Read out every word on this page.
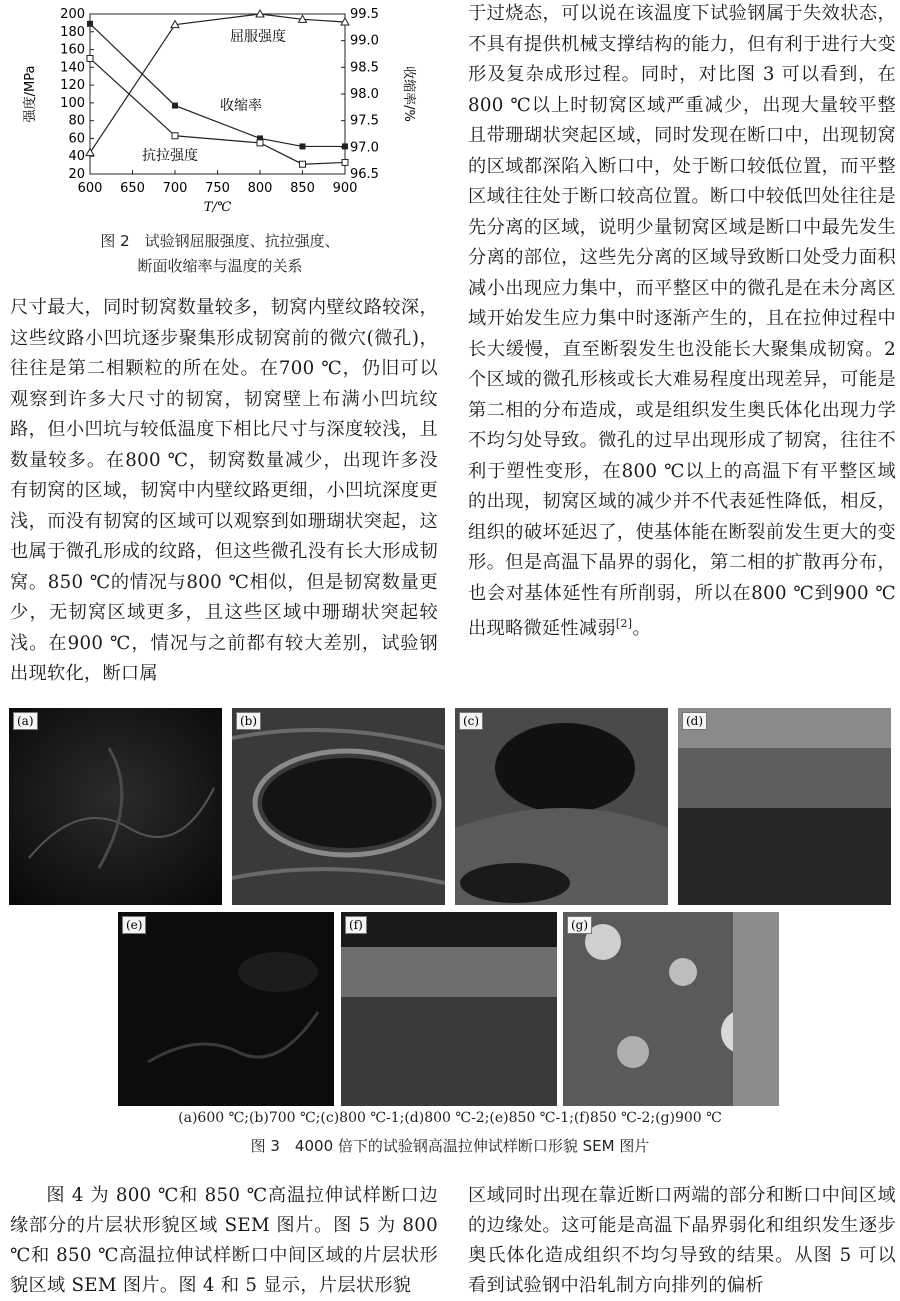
600 650 700 750 800 850 900
20
40
60
80
100
120
140
160
180
200
96.5
97.0
97.5
98.0
98.5
99.0
99.5
T/℃
强度/MPa	收缩率/%
抗拉强度
屈服强度
收缩率
图 2　试验钢屈服强度、抗拉强度、
断面收缩率与温度的关系

尺寸最大，同时韧窝数量较多，韧窝内壁纹路较深，这些纹路小凹坑逐步聚集形成韧窝前的微穴(微孔)，往往是第二相颗粒的所在处。在700 ℃，仍旧可以观察到许多大尺寸的韧窝，韧窝壁上布满小凹坑纹路，但小凹坑与较低温度下相比尺寸与深度较浅，且数量较多。在800 ℃，韧窝数量减少，出现许多没有韧窝的区域，韧窝中内壁纹路更细，小凹坑深度更浅，而没有韧窝的区域可以观察到如珊瑚状突起，这也属于微孔形成的纹路，但这些微孔没有长大形成韧窝。850 ℃的情况与800 ℃相似，但是韧窝数量更少，无韧窝区域更多，且这些区域中珊瑚状突起较浅。在900 ℃，情况与之前都有较大差别，试验钢出现软化，断口属

于过烧态，可以说在该温度下试验钢属于失效状态，不具有提供机械支撑结构的能力，但有利于进行大变形及复杂成形过程。同时，对比图 3 可以看到，在800 ℃以上时韧窝区域严重减少，出现大量较平整且带珊瑚状突起区域，同时发现在断口中，出现韧窝的区域都深陷入断口中，处于断口较低位置，而平整区域往往处于断口较高位置。断口中较低凹处往往是先分离的区域，说明少量韧窝区域是断口中最先发生分离的部位，这些先分离的区域导致断口处受力面积减小出现应力集中，而平整区中的微孔是在未分离区域开始发生应力集中时逐渐产生的，且在拉伸过程中长大缓慢，直至断裂发生也没能长大聚集成韧窝。2 个区域的微孔形核或长大难易程度出现差异，可能是第二相的分布造成，或是组织发生奥氏体化出现力学不均匀处导致。微孔的过早出现形成了韧窝，往往不利于塑性变形，在800 ℃以上的高温下有平整区域的出现，韧窝区域的减少并不代表延性降低，相反，组织的破坏延迟了，使基体能在断裂前发生更大的变形。但是高温下晶界的弱化，第二相的扩散再分布，也会对基体延性有所削弱，所以在800 ℃到900 ℃出现略微延性减弱[2]。

(a)	(b)	(c)	(d)
(e)	(f)	(g)
(a)600 ℃;(b)700 ℃;(c)800 ℃-1;(d)800 ℃-2;(e)850 ℃-1;(f)850 ℃-2;(g)900 ℃
图 3　4000 倍下的试验钢高温拉伸试样断口形貌 SEM 图片

图 4 为 800 ℃和 850 ℃高温拉伸试样断口边缘部分的片层状形貌区域 SEM 图片。图 5 为 800 ℃和 850 ℃高温拉伸试样断口中间区域的片层状形貌区域 SEM 图片。图 4 和 5 显示，片层状形貌

区域同时出现在靠近断口两端的部分和断口中间区域的边缘处。这可能是高温下晶界弱化和组织发生逐步奥氏体化造成组织不均匀导致的结果。从图 5 可以看到试验钢中沿轧制方向排列的偏析
